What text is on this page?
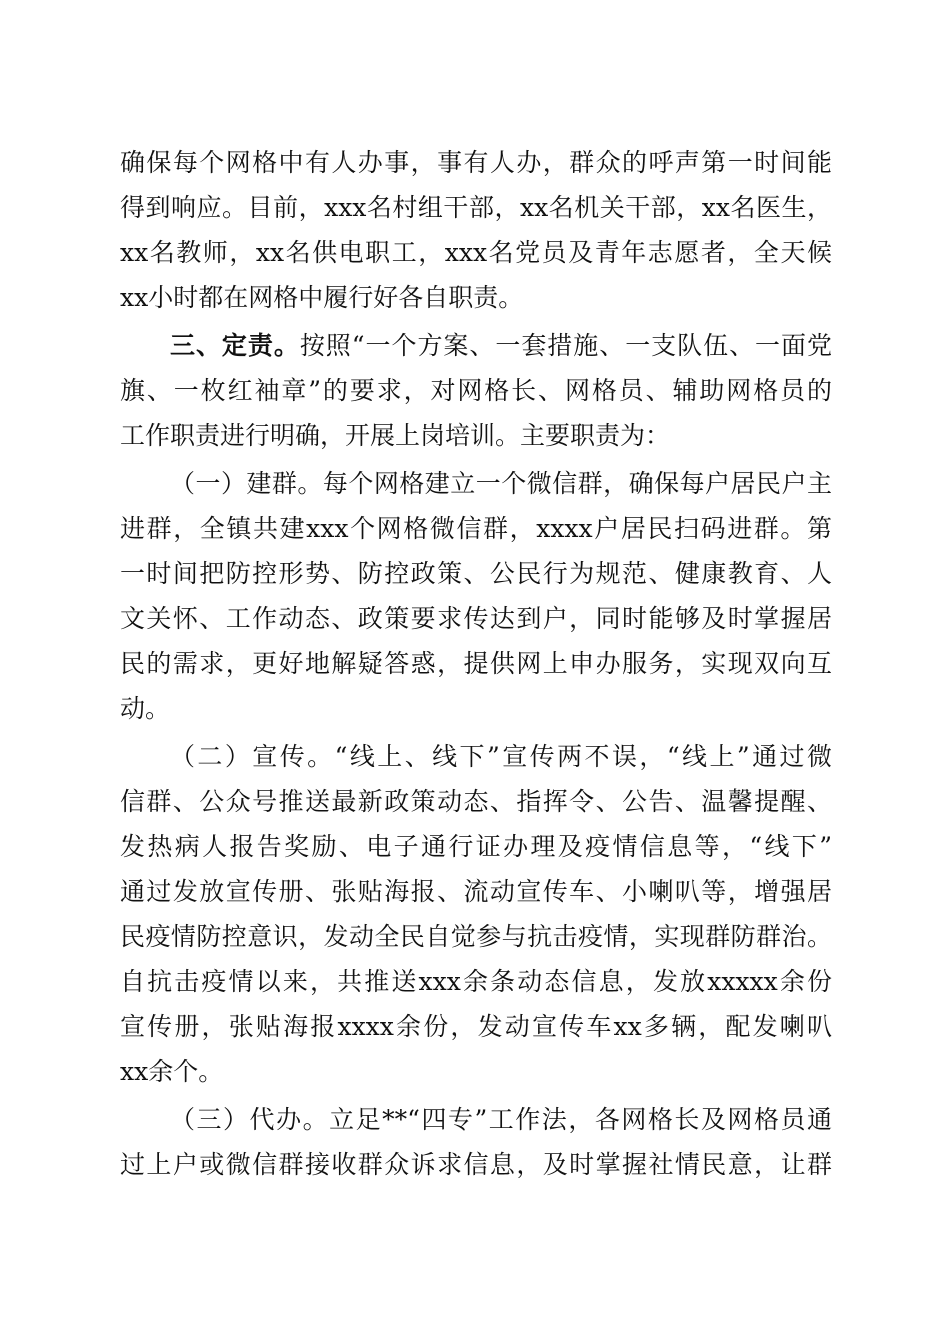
确保每个网格中有人办事，事有人办，群众的呼声第一时间能
得到响应。目前，xxx名村组干部，xx名机关干部，xx名医生，
xx名教师，xx名供电职工，xxx名党员及青年志愿者，全天候
xx小时都在网格中履行好各自职责。
三、定责。按照“一个方案、一套措施、一支队伍、一面党
旗、一枚红袖章”的要求，对网格长、网格员、辅助网格员的
工作职责进行明确，开展上岗培训。主要职责为：
（一）建群。每个网格建立一个微信群，确保每户居民户主
进群，全镇共建xxx个网格微信群，xxxx户居民扫码进群。第
一时间把防控形势、防控政策、公民行为规范、健康教育、人
文关怀、工作动态、政策要求传达到户，同时能够及时掌握居
民的需求，更好地解疑答惑，提供网上申办服务，实现双向互
动。
（二）宣传。“线上、线下”宣传两不误，“线上”通过微
信群、公众号推送最新政策动态、指挥令、公告、温馨提醒、
发热病人报告奖励、电子通行证办理及疫情信息等，“线下”
通过发放宣传册、张贴海报、流动宣传车、小喇叭等，增强居
民疫情防控意识，发动全民自觉参与抗击疫情，实现群防群治。
自抗击疫情以来，共推送xxx余条动态信息，发放xxxxx余份
宣传册，张贴海报xxxx余份，发动宣传车xx多辆，配发喇叭
xx余个。
（三）代办。立足**“四专”工作法，各网格长及网格员通
过上户或微信群接收群众诉求信息，及时掌握社情民意，让群
